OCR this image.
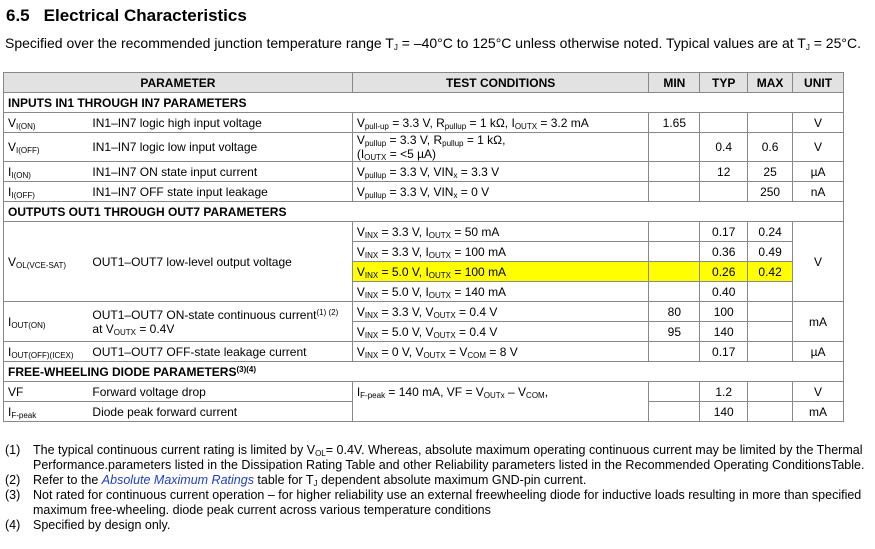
6.5 Electrical Characteristics

Specified over the recommended junction temperature range $T_J = -40^\circ C$ to 125°C unless otherwise noted. Typical values are at $T_J = 25^\circ C$.

PARAMETER		TEST CONDITIONS	MIN	TYP	MAX	UNIT
INPUTS IN1 THROUGH IN7 PARAMETERS						
$V_{I(ON)}$	IN1–IN7 logic high input voltage	$V_{pull-up} = 3.3$ V, $R_{pullup} = 1$ kΩ, $I_{OUTX} = 3.2$ mA	1.65			V
$V_{I(OFF)}$	IN1–IN7 logic low input voltage	$V_{pullup} = 3.3$ V, $R_{pullup} = 1$ kΩ,
($I_{OUTX} = <5$ µA)		0.4	0.6	V
$I_{I(ON)}$	IN1–IN7 ON state input current	$V_{pullup} = 3.3$ V, $VIN_x = 3.3$ V		12	25	µA
$I_{I(OFF)}$	IN1–IN7 OFF state input leakage	$V_{pullup} = 3.3$ V, $VIN_x = 0$ V			250	nA
OUTPUTS OUT1 THROUGH OUT7 PARAMETERS						
$V_{OL(VCE-SAT)}$	OUT1–OUT7 low-level output voltage	$V_{INX} = 3.3$ V, $I_{OUTX} = 50$ mA		0.17	0.24	V
		$V_{INX} = 3.3$ V, $I_{OUTX} = 100$ mA		0.36	0.49	
		$V_{INX} = 5.0$ V, $I_{OUTX} = 100$ mA		0.26	0.42	
		$V_{INX} = 5.0$ V, $I_{OUTX} = 140$ mA		0.40		
$I_{OUT(ON)}$	OUT1–OUT7 ON-state continuous current$^{(1) (2)}$
at $V_{OUTX} = 0.4V$	$V_{INX} = 3.3$ V, $V_{OUTX} = 0.4$ V	80	100		mA
		$V_{INX} = 5.0$ V, $V_{OUTX} = 0.4$ V	95	140		
$I_{OUT(OFF)(ICEX)}$	OUT1–OUT7 OFF-state leakage current	$V_{INX} = 0$ V, $V_{OUTX} = V_{COM} = 8$ V		0.17		µA
FREE-WHEELING DIODE $PARAMETERS^{(3)(4)}$
VF	Forward voltage drop	$I_{F-peak} = 140$ mA, VF = $V_{OUTx} - V_{COM}$,		1.2		V
$I_{F-peak}$	Diode peak forward current			140		mA
(1)	The typical continuous current rating is limited by $V_{OL}= 0.4V$. Whereas, absolute maximum operating continuous current may be limited by the Thermal Performance.parameters listed in the Dissipation Rating Table and other Reliability parameters listed in the Recommended Operating ConditionsTable.
(2)	Refer to the Absolute Maximum Ratings table for $T_J$ dependent absolute maximum GND-pin current.
(3)	Not rated for continuous current operation – for higher reliability use an external freewheeling diode for inductive loads resulting in more than specified maximum free-wheeling. diode peak current across various temperature conditions
(4)	Specified by design only.
